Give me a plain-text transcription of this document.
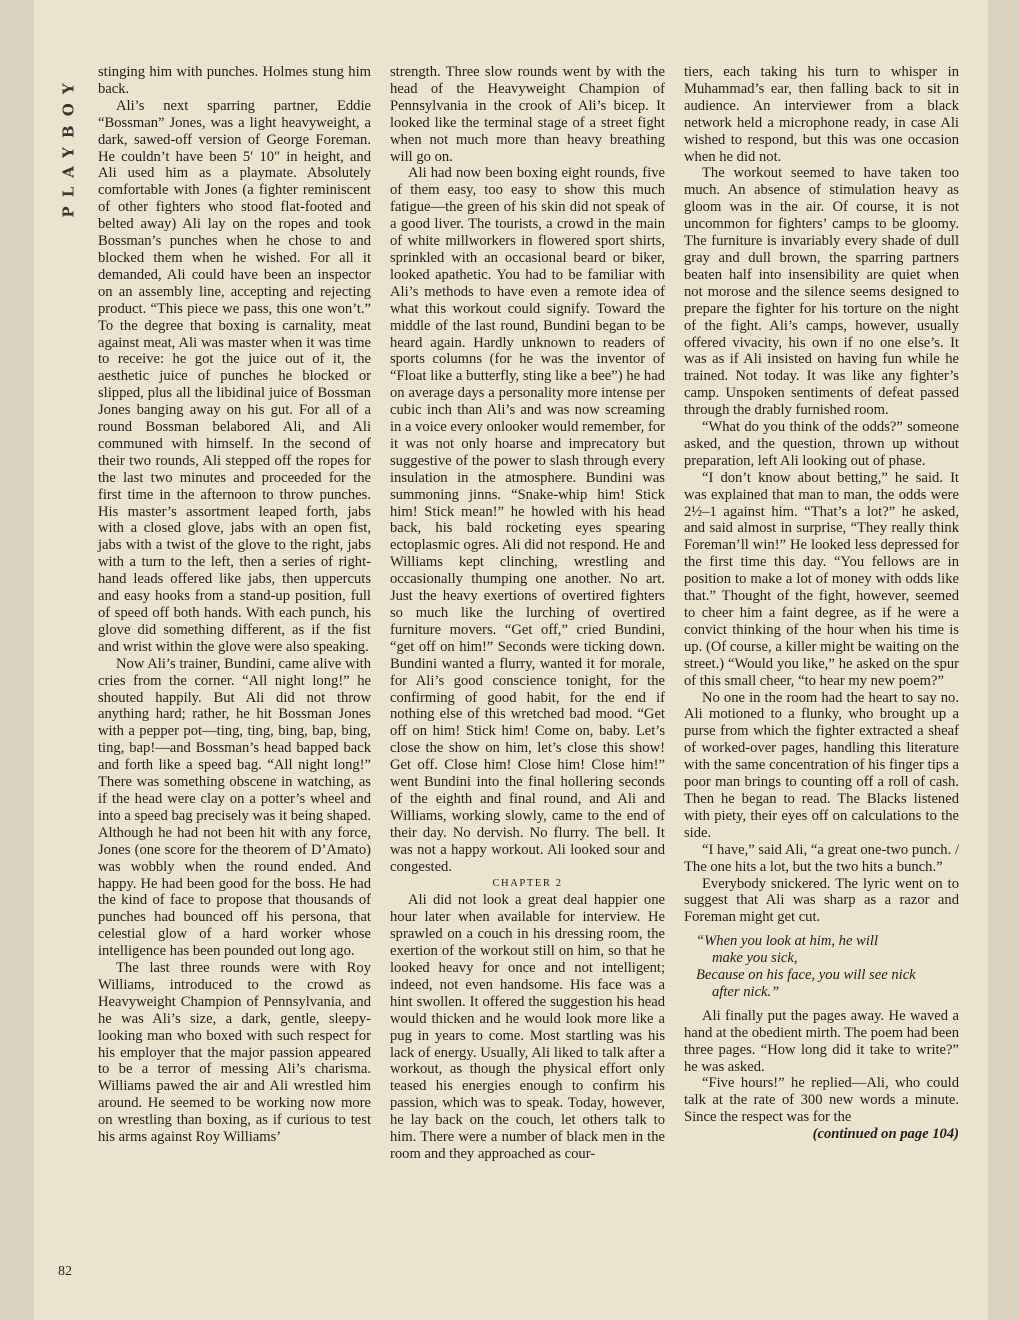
PLAYBOY
82

stinging him with punches. Holmes stung him back.

Ali’s next sparring partner, Eddie “Bossman” Jones, was a light heavyweight, a dark, sawed-off version of George Foreman. He couldn’t have been 5′ 10″ in height, and Ali used him as a playmate. Absolutely comfortable with Jones (a fighter reminiscent of other fighters who stood flat-footed and belted away) Ali lay on the ropes and took Bossman’s punches when he chose to and blocked them when he wished. For all it demanded, Ali could have been an inspector on an assembly line, accepting and rejecting product. “This piece we pass, this one won’t.” To the degree that boxing is carnality, meat against meat, Ali was master when it was time to receive: he got the juice out of it, the aesthetic juice of punches he blocked or slipped, plus all the libidinal juice of Bossman Jones banging away on his gut. For all of a round Bossman belabored Ali, and Ali communed with himself. In the second of their two rounds, Ali stepped off the ropes for the last two minutes and proceeded for the first time in the afternoon to throw punches. His master’s assortment leaped forth, jabs with a closed glove, jabs with an open fist, jabs with a twist of the glove to the right, jabs with a turn to the left, then a series of right-hand leads offered like jabs, then uppercuts and easy hooks from a stand-up position, full of speed off both hands. With each punch, his glove did something different, as if the fist and wrist within the glove were also speaking.

Now Ali’s trainer, Bundini, came alive with cries from the corner. “All night long!” he shouted happily. But Ali did not throw anything hard; rather, he hit Bossman Jones with a pepper pot—ting, ting, bing, bap, bing, ting, bap!—and Bossman’s head bapped back and forth like a speed bag. “All night long!” There was something obscene in watching, as if the head were clay on a potter’s wheel and into a speed bag precisely was it being shaped. Although he had not been hit with any force, Jones (one score for the theorem of D’Amato) was wobbly when the round ended. And happy. He had been good for the boss. He had the kind of face to propose that thousands of punches had bounced off his persona, that celestial glow of a hard worker whose intelligence has been pounded out long ago.

The last three rounds were with Roy Williams, introduced to the crowd as Heavyweight Champion of Pennsylvania, and he was Ali’s size, a dark, gentle, sleepy-looking man who boxed with such respect for his employer that the major passion appeared to be a terror of messing Ali’s charisma. Williams pawed the air and Ali wrestled him around. He seemed to be working now more on wrestling than boxing, as if curious to test his arms against Roy Williams’

strength. Three slow rounds went by with the head of the Heavyweight Champion of Pennsylvania in the crook of Ali’s bicep. It looked like the terminal stage of a street fight when not much more than heavy breathing will go on.

Ali had now been boxing eight rounds, five of them easy, too easy to show this much fatigue—the green of his skin did not speak of a good liver. The tourists, a crowd in the main of white millworkers in flowered sport shirts, sprinkled with an occasional beard or biker, looked apathetic. You had to be familiar with Ali’s methods to have even a remote idea of what this workout could signify. Toward the middle of the last round, Bundini began to be heard again. Hardly unknown to readers of sports columns (for he was the inventor of “Float like a butterfly, sting like a bee”) he had on average days a personality more intense per cubic inch than Ali’s and was now screaming in a voice every onlooker would remember, for it was not only hoarse and imprecatory but suggestive of the power to slash through every insulation in the atmosphere. Bundini was summoning jinns. “Snake-whip him! Stick him! Stick mean!” he howled with his head back, his bald rocketing eyes spearing ectoplasmic ogres. Ali did not respond. He and Williams kept clinching, wrestling and occasionally thumping one another. No art. Just the heavy exertions of overtired fighters so much like the lurching of overtired furniture movers. “Get off,” cried Bundini, “get off on him!” Seconds were ticking down. Bundini wanted a flurry, wanted it for morale, for Ali’s good conscience tonight, for the confirming of good habit, for the end if nothing else of this wretched bad mood. “Get off on him! Stick him! Come on, baby. Let’s close the show on him, let’s close this show! Get off. Close him! Close him! Close him!” went Bundini into the final hollering seconds of the eighth and final round, and Ali and Williams, working slowly, came to the end of their day. No dervish. No flurry. The bell. It was not a happy workout. Ali looked sour and congested.

CHAPTER 2

Ali did not look a great deal happier one hour later when available for interview. He sprawled on a couch in his dressing room, the exertion of the workout still on him, so that he looked heavy for once and not intelligent; indeed, not even handsome. His face was a hint swollen. It offered the suggestion his head would thicken and he would look more like a pug in years to come. Most startling was his lack of energy. Usually, Ali liked to talk after a workout, as though the physical effort only teased his energies enough to confirm his passion, which was to speak. Today, however, he lay back on the couch, let others talk to him. There were a number of black men in the room and they approached as cour-

tiers, each taking his turn to whisper in Muhammad’s ear, then falling back to sit in audience. An interviewer from a black network held a microphone ready, in case Ali wished to respond, but this was one occasion when he did not.

The workout seemed to have taken too much. An absence of stimulation heavy as gloom was in the air. Of course, it is not uncommon for fighters’ camps to be gloomy. The furniture is invariably every shade of dull gray and dull brown, the sparring partners beaten half into insensibility are quiet when not morose and the silence seems designed to prepare the fighter for his torture on the night of the fight. Ali’s camps, however, usually offered vivacity, his own if no one else’s. It was as if Ali insisted on having fun while he trained. Not today. It was like any fighter’s camp. Unspoken sentiments of defeat passed through the drably furnished room.

“What do you think of the odds?” someone asked, and the question, thrown up without preparation, left Ali looking out of phase.

“I don’t know about betting,” he said. It was explained that man to man, the odds were 2½–1 against him. “That’s a lot?” he asked, and said almost in surprise, “They really think Foreman’ll win!” He looked less depressed for the first time this day. “You fellows are in position to make a lot of money with odds like that.” Thought of the fight, however, seemed to cheer him a faint degree, as if he were a convict thinking of the hour when his time is up. (Of course, a killer might be waiting on the street.) “Would you like,” he asked on the spur of this small cheer, “to hear my new poem?”

No one in the room had the heart to say no. Ali motioned to a flunky, who brought up a purse from which the fighter extracted a sheaf of worked-over pages, handling this literature with the same concentration of his finger tips a poor man brings to counting off a roll of cash. Then he began to read. The Blacks listened with piety, their eyes off on calculations to the side.

“I have,” said Ali, “a great one-two punch. / The one hits a lot, but the two hits a bunch.”

Everybody snickered. The lyric went on to suggest that Ali was sharp as a razor and Foreman might get cut.

“When you look at him, he will

make you sick,

Because on his face, you will see nick

after nick.”

Ali finally put the pages away. He waved a hand at the obedient mirth. The poem had been three pages. “How long did it take to write?” he was asked.

“Five hours!” he replied—Ali, who could talk at the rate of 300 new words a minute. Since the respect was for the

(continued on page 104)
